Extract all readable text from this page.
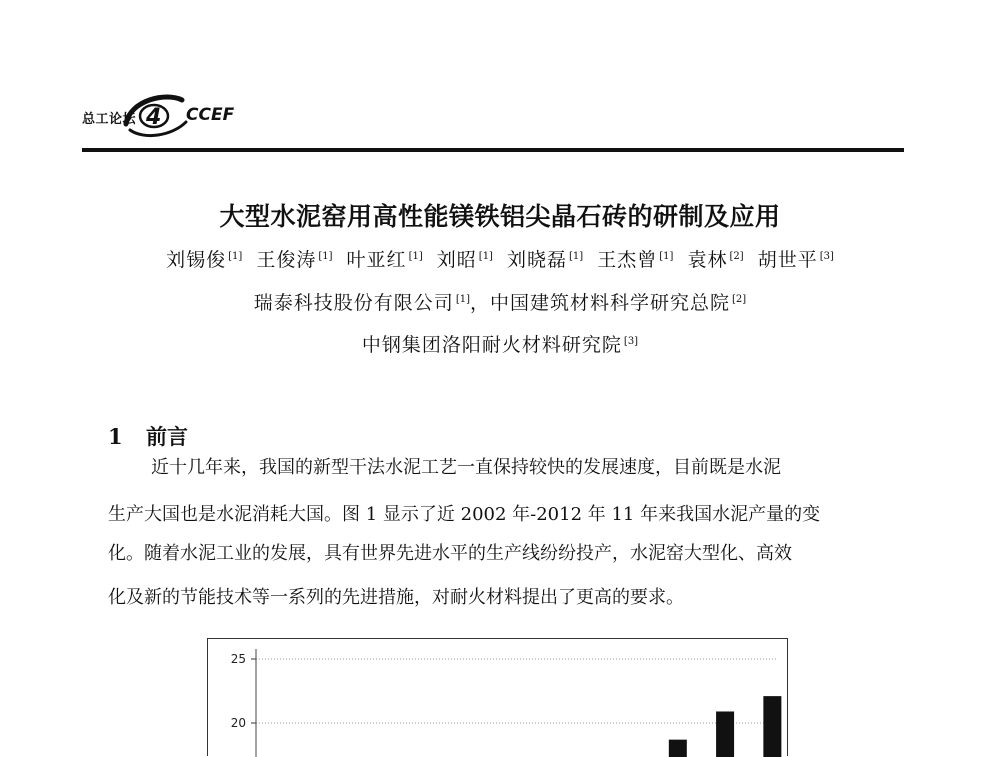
总工论坛 4 CCEF
大型水泥窑用高性能镁铁铝尖晶石砖的研制及应用
刘锡俊 [1] 王俊涛 [1] 叶亚红 [1] 刘昭 [1] 刘晓磊 [1] 王杰曾 [1] 袁林 [2] 胡世平 [3]
瑞泰科技股份有限公司 [1]，中国建筑材料科学研究总院 [2]
中钢集团洛阳耐火材料研究院 [3]
1 前言
近十几年来，我国的新型干法水泥工艺一直保持较快的发展速度，目前既是水泥
生产大国也是水泥消耗大国。图 1 显示了近 2002 年-2012 年 11 年来我国水泥产量的变
化。随着水泥工业的发展，具有世界先进水平的生产线纷纷投产，水泥窑大型化、高效
化及新的节能技术等一系列的先进措施，对耐火材料提出了更高的要求。
25
20
